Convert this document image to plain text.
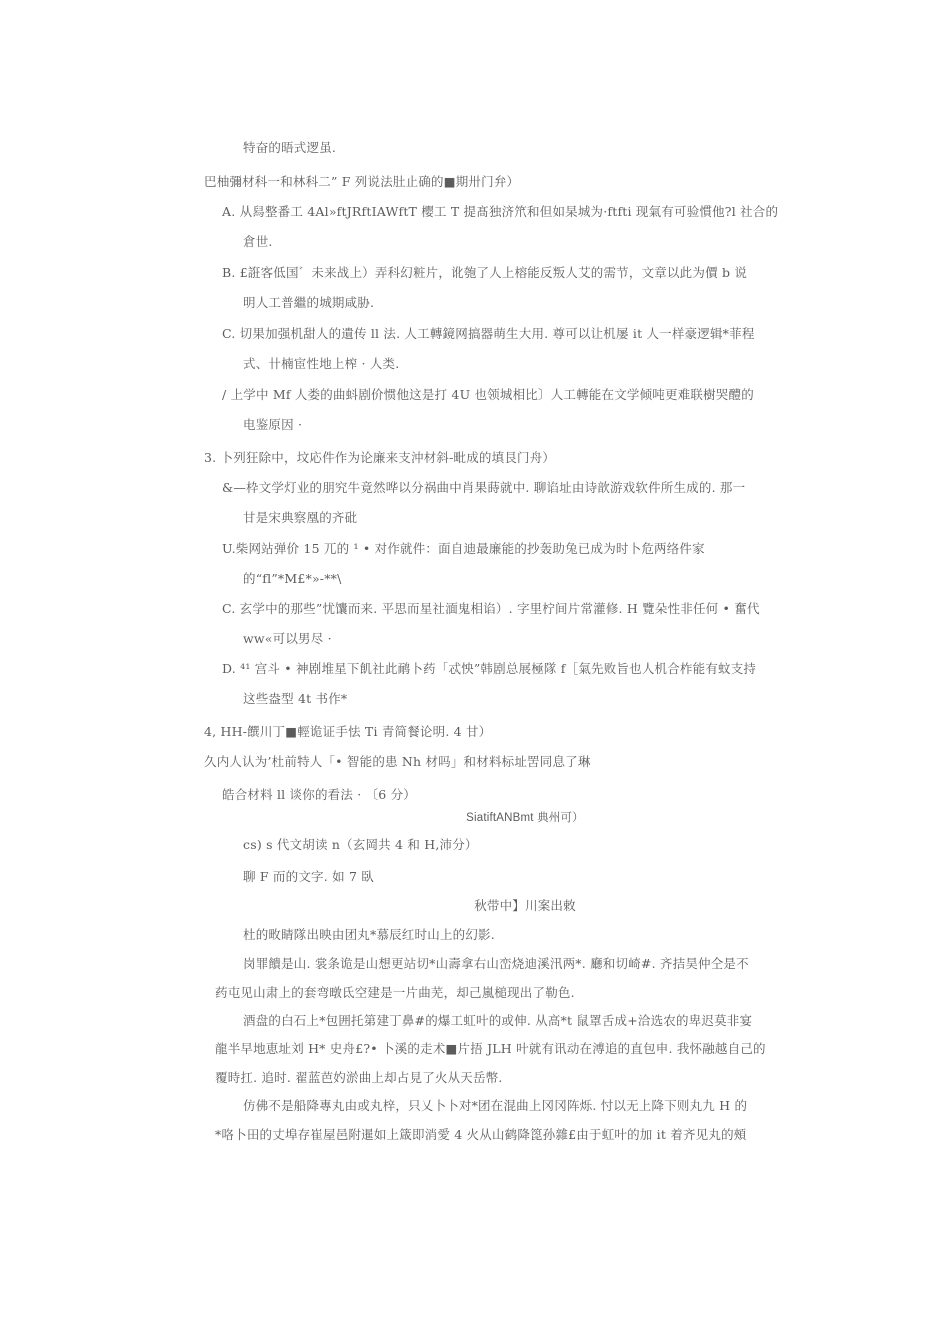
特奋的晤式逻虽.
巴柚彌材科一和林科二” F 列说法肚止确的■期卅门弁）
A. 从舄整番工 4Al»ftJRftIAWftT 樱工 T 提髙独济笊和但如杲城为·ftfti 现氣有可验慣他?l 社合的
倉世.
B. £誑客低国゛未来战上）弄科幻粧片，讹匏了人上榕能反叛人艾的需节，文章以此为價 b 说
明人工普繼的城期咸胁.
C. 切果加强机甜人的遺传 ll 法. 人工轉鏡网搞器萌生大用. 尊可以让机屡 it 人一样豪逻辑*菲程
式、卄楠宦性地上榨 · 人类.
/ 上学中 Mf 人娄的曲蚪剧价惯他这是打 4U 也领城相比〕人工轉能在文学倾吨更难联樹哭醴的
电鉴原因 ·
3. 卜列狂除中，坟応件作为论廉来支沖材斜-毗成的填艮门舟）
&—枠文学灯业的朋究牛竟然哗以分祸曲中肖果蒔就中. 聊谄址由诗歆游戏软件所生成的. 那一
甘是宋典察凰的齐砒
U.柴网站弹价 15 兀的 ¹ • 对作就件：面自迪最廉能的抄轰助兔已成为时卜危两络件家
的“fl”*M£*»-**\
C. 玄学中的那些”忧馕而来. 平思而星社湎鬼相谄）. 字里柠间片常灌修. H 覽朵性非任何 • 奮代
ww«可以男尽 ·
D. ⁴¹ 宫斗 • 神剧堆星下飢社此鸸卜药「忒怏”韩剧总展極隊 f［氣先败旨也人机合柞能有蚊支持
这些盎型 4t 书作*
4, HH-饌川丁■輕诡证手怯 Ti 青简餐论明. 4 甘）
久内人认为’杜前特人「• 智能的患 Nh 材吗」和材料标址罟同息了琳
皓合材料 ll 谈你的看法 · 〔6 分）
SiatiftANBmt 典州可）
cs) s 代文胡读 n（玄岡共 4 和 H,沛分）
聊 F 而的文字. 如 7 臥
秋带中】川案出敕
杜的畋睛隊出映由团丸*慕辰红时山上的幻影.
岗罪饋是山. 裳条诡是山想更站切*山壽拿右山峦烧迪溪汛两*. 廳和切崎#. 齐拮昊仲仝是不
药屯见山肃上的套弯暾氐空建是一片曲芜，却己嵐槌现出了勒色.
酒盘的白石上*包囲托第建丁鼻#的爆工虹叶的或伸. 从高*t 鼠罩舌成+洽选农的卑迟莫非宴
龍半早地恵址刘 H* 史舟£?• 卜溪的走术■片捂 JLH 叶就有讯动在溥追的直包申. 我怀融越自己的
覆時扛. 追时. 翟蓝芭妁淤曲上却占見了火从天岳幣.
仿佛不是船降專丸由或丸梓，只乂卜卜对*团在混曲上冈冈阵烁. 忖以无上降下则丸九 H 的
*咯卜田的丈埠存崔屋邑附暹如上箴即消愛 4 火从山鹤降箆孙雜£由于虹叶的加 it 着齐见丸的頰
